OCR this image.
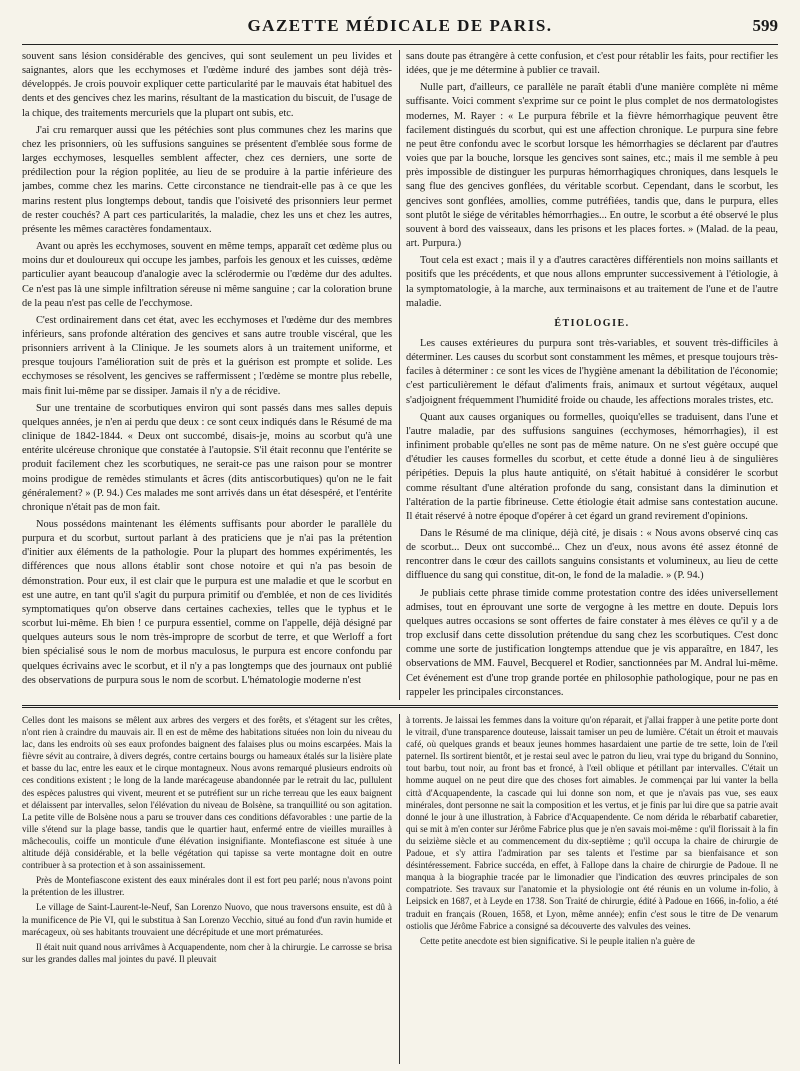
GAZETTE MÉDICALE DE PARIS.	599

souvent sans lésion considérable des gencives, qui sont seulement un peu livides et saignantes, alors que les ecchymoses et l'œdème induré des jambes sont déjà très-développés. Je crois pouvoir expliquer cette particularité par le mauvais état habituel des dents et des gencives chez les marins, résultant de la mastication du biscuit, de l'usage de la chique, des traitements mercuriels que la plupart ont subis, etc.

J'ai cru remarquer aussi que les pétéchies sont plus communes chez les marins que chez les prisonniers, où les suffusions sanguines se présentent d'emblée sous forme de larges ecchymoses, lesquelles semblent affecter, chez ces derniers, une sorte de prédilection pour la région poplitée, au lieu de se produire à la partie inférieure des jambes, comme chez les marins. Cette circonstance ne tiendrait-elle pas à ce que les marins restent plus longtemps debout, tandis que l'oisiveté des prisonniers leur permet de rester couchés? A part ces particularités, la maladie, chez les uns et chez les autres, présente les mêmes caractères fondamentaux.

Avant ou après les ecchymoses, souvent en même temps, apparaît cet œdème plus ou moins dur et douloureux qui occupe les jambes, parfois les genoux et les cuisses, œdème particulier ayant beaucoup d'analogie avec la sclérodermie ou l'œdème dur des adultes. Ce n'est pas là une simple infiltration séreuse ni même sanguine ; car la coloration brune de la peau n'est pas celle de l'ecchymose.

C'est ordinairement dans cet état, avec les ecchymoses et l'œdème dur des membres inférieurs, sans profonde altération des gencives et sans autre trouble viscéral, que les prisonniers arrivent à la Clinique. Je les soumets alors à un traitement uniforme, et presque toujours l'amélioration suit de près et la guérison est prompte et solide. Les ecchymoses se résolvent, les gencives se raffermissent ; l'œdème se montre plus rebelle, mais finit lui-même par se dissiper. Jamais il n'y a de récidive.

Sur une trentaine de scorbutiques environ qui sont passés dans mes salles depuis quelques années, je n'en ai perdu que deux : ce sont ceux indiqués dans le Résumé de ma clinique de 1842-1844. « Deux ont succombé, disais-je, moins au scorbut qu'à une entérite ulcéreuse chronique que constatée à l'autopsie. S'il était reconnu que l'entérite se produit facilement chez les scorbutiques, ne serait-ce pas une raison pour se montrer moins prodigue de remèdes stimulants et âcres (dits antiscorbutiques) qu'on ne le fait généralement? » (P. 94.) Ces malades me sont arrivés dans un état désespéré, et l'entérite chronique n'était pas de mon fait.

Nous possédons maintenant les éléments suffisants pour aborder le parallèle du purpura et du scorbut, surtout parlant à des praticiens que je n'ai pas la prétention d'initier aux éléments de la pathologie. Pour la plupart des hommes expérimentés, les différences que nous allons établir sont chose notoire et qui n'a pas besoin de démonstration. Pour eux, il est clair que le purpura est une maladie et que le scorbut en est une autre, en tant qu'il s'agit du purpura primitif ou d'emblée, et non de ces lividités symptomatiques qu'on observe dans certaines cachexies, telles que le typhus et le scorbut lui-même. Eh bien ! ce purpura essentiel, comme on l'appelle, déjà désigné par quelques auteurs sous le nom très-impropre de scorbut de terre, et que Werloff a fort bien spécialisé sous le nom de morbus maculosus, le purpura est encore confondu par quelques écrivains avec le scorbut, et il n'y a pas longtemps que des journaux ont publié des observations de purpura sous le nom de scorbut. L'hématologie moderne n'est

sans doute pas étrangère à cette confusion, et c'est pour rétablir les faits, pour rectifier les idées, que je me détermine à publier ce travail.

Nulle part, d'ailleurs, ce parallèle ne paraît établi d'une manière complète ni même suffisante. Voici comment s'exprime sur ce point le plus complet de nos dermatologistes modernes, M. Rayer : « Le purpura fébrile et la fièvre hémorrhagique peuvent être facilement distingués du scorbut, qui est une affection chronique. Le purpura sine febre ne peut être confondu avec le scorbut lorsque les hémorrhagies se déclarent par d'autres voies que par la bouche, lorsque les gencives sont saines, etc.; mais il me semble à peu près impossible de distinguer les purpuras hémorrhagiques chroniques, dans lesquels le sang flue des gencives gonflées, du véritable scorbut. Cependant, dans le scorbut, les gencives sont gonflées, amollies, comme putréfiées, tandis que, dans le purpura, elles sont plutôt le siége de véritables hémorrhagies... En outre, le scorbut a été observé le plus souvent à bord des vaisseaux, dans les prisons et les places fortes. » (Malad. de la peau, art. Purpura.)

Tout cela est exact ; mais il y a d'autres caractères différentiels non moins saillants et positifs que les précédents, et que nous allons emprunter successivement à l'étiologie, à la symptomatologie, à la marche, aux terminaisons et au traitement de l'une et de l'autre maladie.

ÉTIOLOGIE.

Les causes extérieures du purpura sont très-variables, et souvent très-difficiles à déterminer. Les causes du scorbut sont constamment les mêmes, et presque toujours très-faciles à déterminer : ce sont les vices de l'hygiène amenant la débilitation de l'économie; c'est particulièrement le défaut d'aliments frais, animaux et surtout végétaux, auquel s'adjoignent fréquemment l'humidité froide ou chaude, les affections morales tristes, etc.

Quant aux causes organiques ou formelles, quoiqu'elles se traduisent, dans l'une et l'autre maladie, par des suffusions sanguines (ecchymoses, hémorrhagies), il est infiniment probable qu'elles ne sont pas de même nature. On ne s'est guère occupé que d'étudier les causes formelles du scorbut, et cette étude a donné lieu à de singulières péripéties. Depuis la plus haute antiquité, on s'était habitué à considérer le scorbut comme résultant d'une altération profonde du sang, consistant dans la diminution et l'altération de la partie fibrineuse. Cette étiologie était admise sans contestation aucune. Il était réservé à notre époque d'opérer à cet égard un grand revirement d'opinions.

Dans le Résumé de ma clinique, déjà cité, je disais : « Nous avons observé cinq cas de scorbut... Deux ont succombé... Chez un d'eux, nous avons été assez étonné de rencontrer dans le cœur des caillots sanguins consistants et volumineux, au lieu de cette diffluence du sang qui constitue, dit-on, le fond de la maladie. » (P. 94.)

Je publiais cette phrase timide comme protestation contre des idées universellement admises, tout en éprouvant une sorte de vergogne à les mettre en doute. Depuis lors quelques autres occasions se sont offertes de faire constater à mes élèves ce qu'il y a de trop exclusif dans cette dissolution prétendue du sang chez les scorbutiques. C'est donc comme une sorte de justification longtemps attendue que je vis apparaître, en 1847, les observations de MM. Fauvel, Becquerel et Rodier, sanctionnées par M. Andral lui-même. Cet événement est d'une trop grande portée en philosophie pathologique, pour ne pas en rappeler les principales circonstances.

Celles dont les maisons se mêlent aux arbres des vergers et des forêts, et s'étagent sur les crêtes, n'ont rien à craindre du mauvais air. Il en est de même des habitations situées non loin du niveau du lac, dans les endroits où ses eaux profondes baignent des falaises plus ou moins escarpées. Mais la fièvre sévit au contraire, à divers degrés, contre certains bourgs ou hameaux étalés sur la lisière plate et basse du lac, entre les eaux et le cirque montagneux. Nous avons remarqué plusieurs endroits où ces conditions existent ; le long de la lande marécageuse abandonnée par le retrait du lac, pullulent des espèces palustres qui vivent, meurent et se putréfient sur un riche terreau que les eaux baignent et délaissent par intervalles, selon l'élévation du niveau de Bolsène, sa tranquillité ou son agitation. La petite ville de Bolsène nous a paru se trouver dans ces conditions défavorables : une partie de la ville s'étend sur la plage basse, tandis que le quartier haut, enfermé entre de vieilles murailles à mâchecoulis, coiffe un monticule d'une élévation insignifiante. Montefiascone est située à une altitude déjà considérable, et la belle végétation qui tapisse sa verte montagne doit en outre contribuer à sa protection et à son assainissement.

Près de Montefiascone existent des eaux minérales dont il est fort peu parlé; nous n'avons point la prétention de les illustrer.

Le village de Saint-Laurent-le-Neuf, San Lorenzo Nuovo, que nous traversons ensuite, est dû à la munificence de Pie VI, qui le substitua à San Lorenzo Vecchio, situé au fond d'un ravin humide et marécageux, où ses habitants trouvaient une décrépitude et une mort prématurées.

Il était nuit quand nous arrivâmes à Acquapendente, nom cher à la chirurgie. Le carrosse se brisa sur les grandes dalles mal jointes du pavé. Il pleuvait

à torrents. Je laissai les femmes dans la voiture qu'on réparait, et j'allai frapper à une petite porte dont le vitrail, d'une transparence douteuse, laissait tamiser un peu de lumière. C'était un étroit et mauvais café, où quelques grands et beaux jeunes hommes hasardaient une partie de tre sette, loin de l'œil paternel. Ils sortirent bientôt, et je restai seul avec le patron du lieu, vrai type du brigand du Sonnino, tout barbu, tout noir, au front bas et froncé, à l'œil oblique et pétillant par intervalles. C'était un homme auquel on ne peut dire que des choses fort aimables. Je commençai par lui vanter la bella città d'Acquapendente, la cascade qui lui donne son nom, et que je n'avais pas vue, ses eaux minérales, dont personne ne sait la composition et les vertus, et je finis par lui dire que sa patrie avait donné le jour à une illustration, à Fabrice d'Acquapendente. Ce nom dérida le rébarbatif cabaretier, qui se mit à m'en conter sur Jérôme Fabrice plus que je n'en savais moi-même : qu'il florissait à la fin du seizième siècle et au commencement du dix-septième ; qu'il occupa la chaire de chirurgie de Padoue, et s'y attira l'admiration par ses talents et l'estime par sa bienfaisance et son désintéressement. Fabrice succéda, en effet, à Fallope dans la chaire de chirurgie de Padoue. Il ne manqua à la biographie tracée par le limonadier que l'indication des œuvres principales de son compatriote. Ses travaux sur l'anatomie et la physiologie ont été réunis en un volume in-folio, à Leipsick en 1687, et à Leyde en 1738. Son Traité de chirurgie, édité à Padoue en 1666, in-folio, a été traduit en français (Rouen, 1658, et Lyon, même année); enfin c'est sous le titre de De venarum ostiolis que Jérôme Fabrice a consigné sa découverte des valvules des veines.

Cette petite anecdote est bien significative. Si le peuple italien n'a guère de
